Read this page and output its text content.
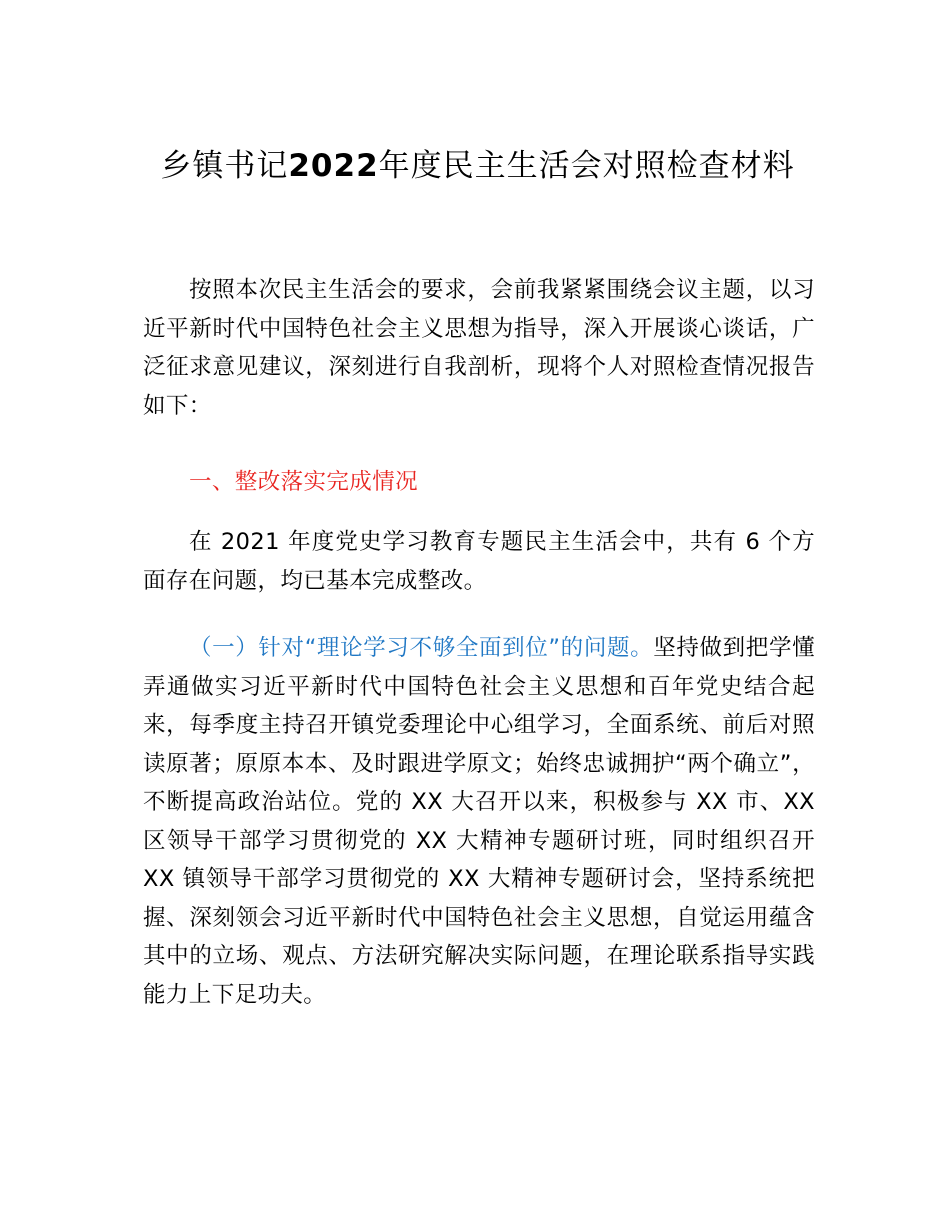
乡镇书记2022年度民主生活会对照检查材料

按照本次民主生活会的要求，会前我紧紧围绕会议主题，以习近平新时代中国特色社会主义思想为指导，深入开展谈心谈话，广泛征求意见建议，深刻进行自我剖析，现将个人对照检查情况报告如下：

一、整改落实完成情况

在 2021 年度党史学习教育专题民主生活会中，共有 6 个方面存在问题，均已基本完成整改。

（一）针对“理论学习不够全面到位”的问题。坚持做到把学懂弄通做实习近平新时代中国特色社会主义思想和百年党史结合起来，每季度主持召开镇党委理论中心组学习，全面系统、前后对照读原著；原原本本、及时跟进学原文；始终忠诚拥护“两个确立”，不断提高政治站位。党的 XX 大召开以来，积极参与 XX 市、XX 区领导干部学习贯彻党的 XX 大精神专题研讨班，同时组织召开 XX 镇领导干部学习贯彻党的 XX 大精神专题研讨会，坚持系统把握、深刻领会习近平新时代中国特色社会主义思想，自觉运用蕴含其中的立场、观点、方法研究解决实际问题，在理论联系指导实践能力上下足功夫。
